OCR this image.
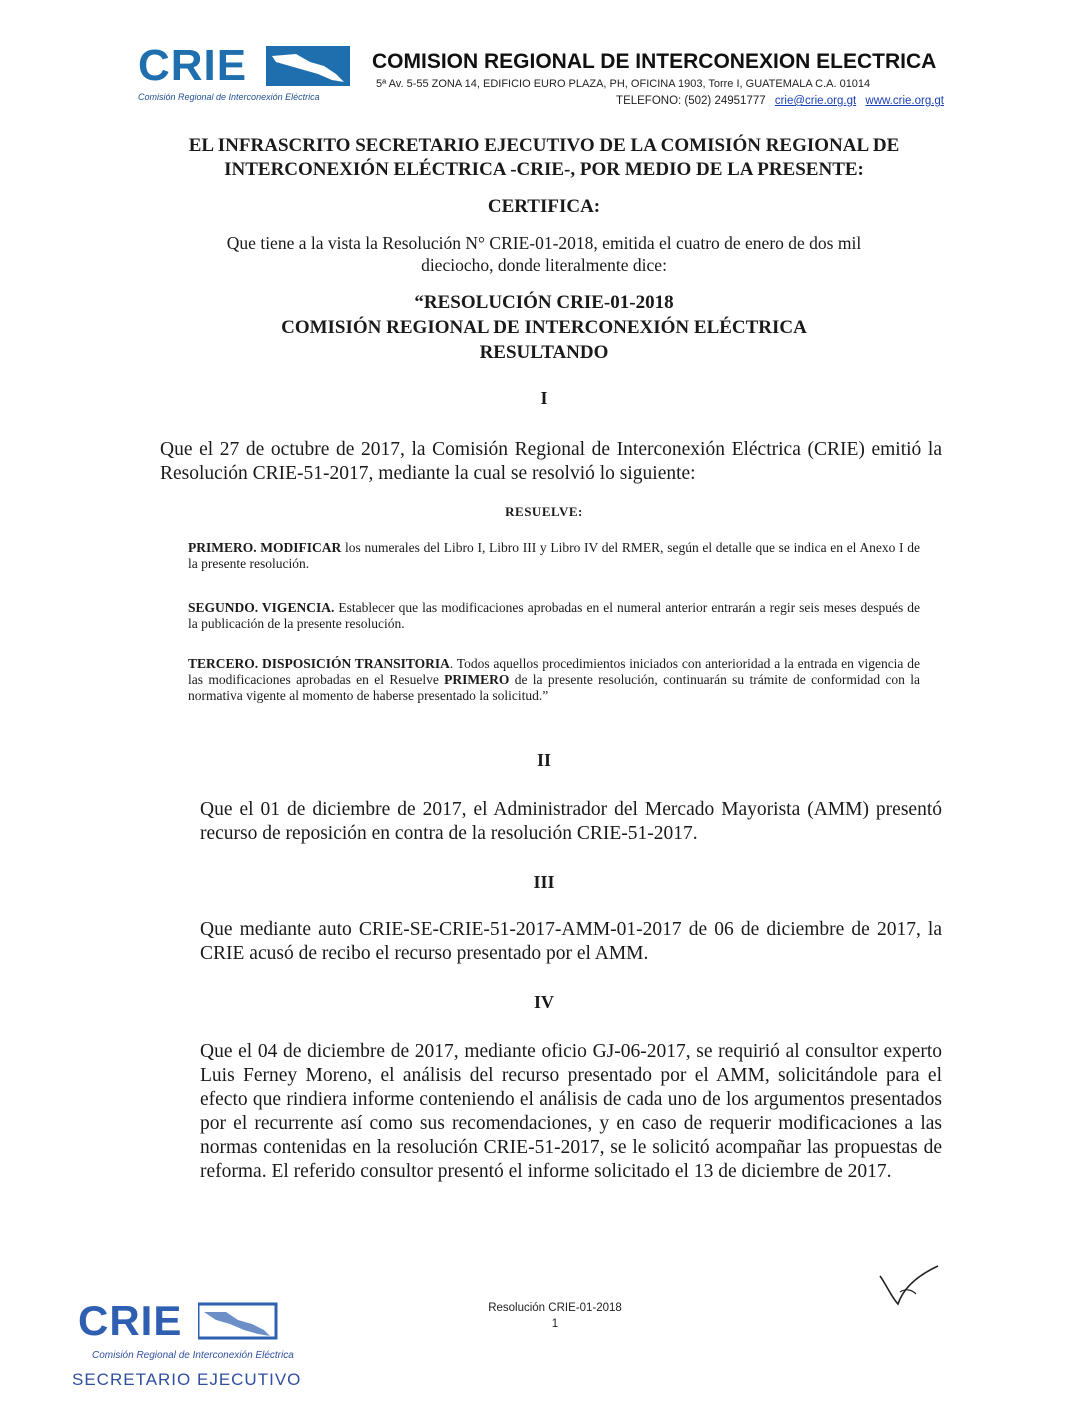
CRIE
Comisión Regional de Interconexión Eléctrica
COMISION REGIONAL DE INTERCONEXION ELECTRICA
5ª Av. 5-55 ZONA 14, EDIFICIO EURO PLAZA, PH, OFICINA 1903, Torre I, GUATEMALA C.A. 01014
TELEFONO: (502) 24951777 crie@crie.org.gt www.crie.org.gt
EL INFRASCRITO SECRETARIO EJECUTIVO DE LA COMISIÓN REGIONAL DE
INTERCONEXIÓN ELÉCTRICA -CRIE-, POR MEDIO DE LA PRESENTE:
CERTIFICA:
Que tiene a la vista la Resolución N° CRIE-01-2018, emitida el cuatro de enero de dos mil
dieciocho, donde literalmente dice:
“RESOLUCIÓN CRIE-01-2018
COMISIÓN REGIONAL DE INTERCONEXIÓN ELÉCTRICA
RESULTANDO
I
Que el 27 de octubre de 2017, la Comisión Regional de Interconexión Eléctrica (CRIE) emitió la Resolución CRIE-51-2017, mediante la cual se resolvió lo siguiente:
RESUELVE:
PRIMERO. MODIFICAR los numerales del Libro I, Libro III y Libro IV del RMER, según el detalle que se indica en el Anexo I de la presente resolución.
SEGUNDO. VIGENCIA. Establecer que las modificaciones aprobadas en el numeral anterior entrarán a regir seis meses después de la publicación de la presente resolución.
TERCERO. DISPOSICIÓN TRANSITORIA. Todos aquellos procedimientos iniciados con anterioridad a la entrada en vigencia de las modificaciones aprobadas en el Resuelve PRIMERO de la presente resolución, continuarán su trámite de conformidad con la normativa vigente al momento de haberse presentado la solicitud.”
II
Que el 01 de diciembre de 2017, el Administrador del Mercado Mayorista (AMM) presentó recurso de reposición en contra de la resolución CRIE-51-2017.
III
Que mediante auto CRIE-SE-CRIE-51-2017-AMM-01-2017 de 06 de diciembre de 2017, la CRIE acusó de recibo el recurso presentado por el AMM.
IV
Que el 04 de diciembre de 2017, mediante oficio GJ-06-2017, se requirió al consultor experto Luis Ferney Moreno, el análisis del recurso presentado por el AMM, solicitándole para el efecto que rindiera informe conteniendo el análisis de cada uno de los argumentos presentados por el recurrente así como sus recomendaciones, y en caso de requerir modificaciones a las normas contenidas en la resolución CRIE-51-2017, se le solicitó acompañar las propuestas de reforma. El referido consultor presentó el informe solicitado el 13 de diciembre de 2017.
CRIE
Comisión Regional de Interconexión Eléctrica
SECRETARIO EJECUTIVO
Resolución CRIE-01-2018
1
